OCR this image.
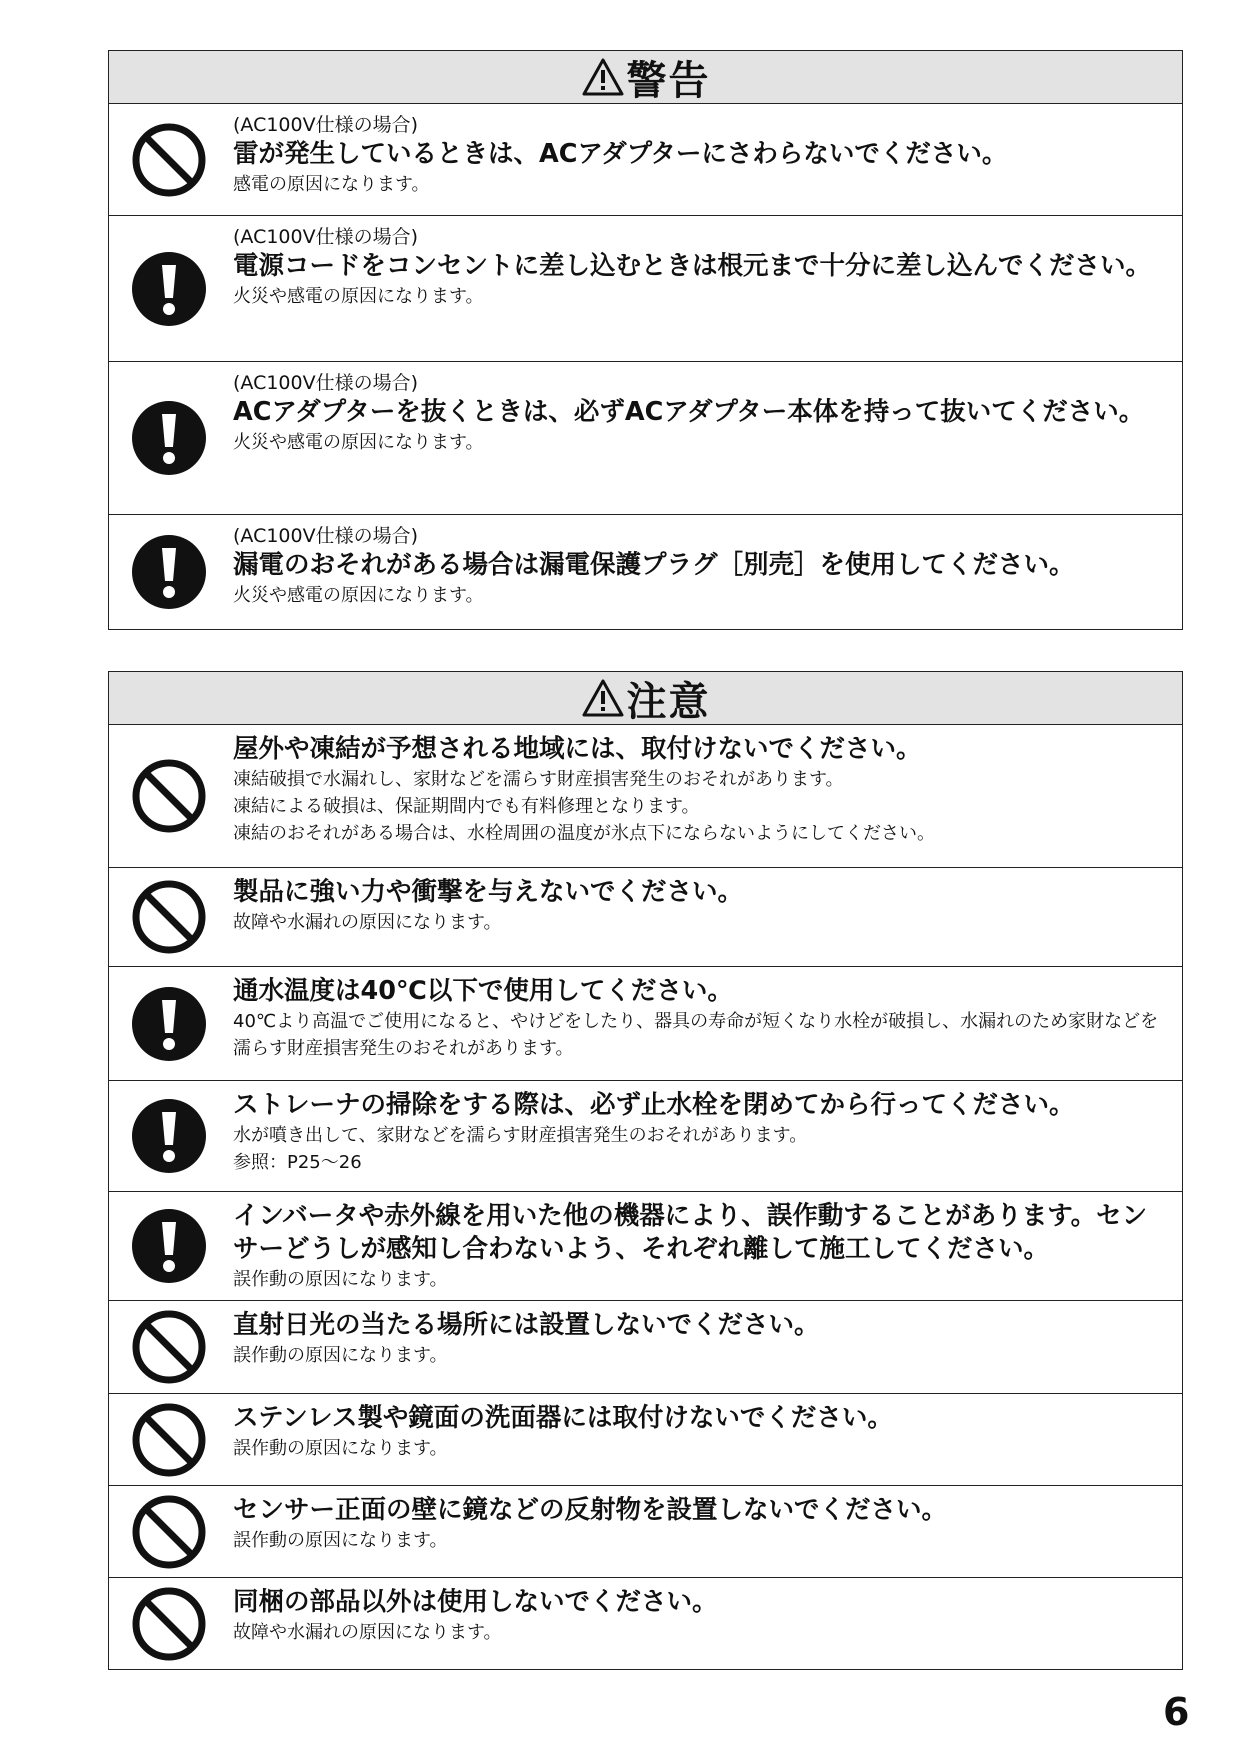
警告
(AC100V仕様の場合)
雷が発生しているときは、ACアダプターにさわらないでください。
感電の原因になります。
(AC100V仕様の場合)
電源コードをコンセントに差し込むときは根元まで十分に差し込んでください。
火災や感電の原因になります。
(AC100V仕様の場合)
ACアダプターを抜くときは、必ずACアダプター本体を持って抜いてください。
火災や感電の原因になります。
(AC100V仕様の場合)
漏電のおそれがある場合は漏電保護プラグ［別売］を使用してください。
火災や感電の原因になります。
注意
屋外や凍結が予想される地域には、取付けないでください。
凍結破損で水漏れし、家財などを濡らす財産損害発生のおそれがあります。
凍結による破損は、保証期間内でも有料修理となります。
凍結のおそれがある場合は、水栓周囲の温度が氷点下にならないようにしてください。
製品に強い力や衝撃を与えないでください。
故障や水漏れの原因になります。
通水温度は40℃以下で使用してください。
40℃より高温でご使用になると、やけどをしたり、器具の寿命が短くなり水栓が破損し、水漏れのため家財などを濡らす財産損害発生のおそれがあります。
ストレーナの掃除をする際は、必ず止水栓を閉めてから行ってください。
水が噴き出して、家財などを濡らす財産損害発生のおそれがあります。
参照：P25～26
インバータや赤外線を用いた他の機器により、誤作動することがあります。センサーどうしが感知し合わないよう、それぞれ離して施工してください。
誤作動の原因になります。
直射日光の当たる場所には設置しないでください。
誤作動の原因になります。
ステンレス製や鏡面の洗面器には取付けないでください。
誤作動の原因になります。
センサー正面の壁に鏡などの反射物を設置しないでください。
誤作動の原因になります。
同梱の部品以外は使用しないでください。
故障や水漏れの原因になります。
6
